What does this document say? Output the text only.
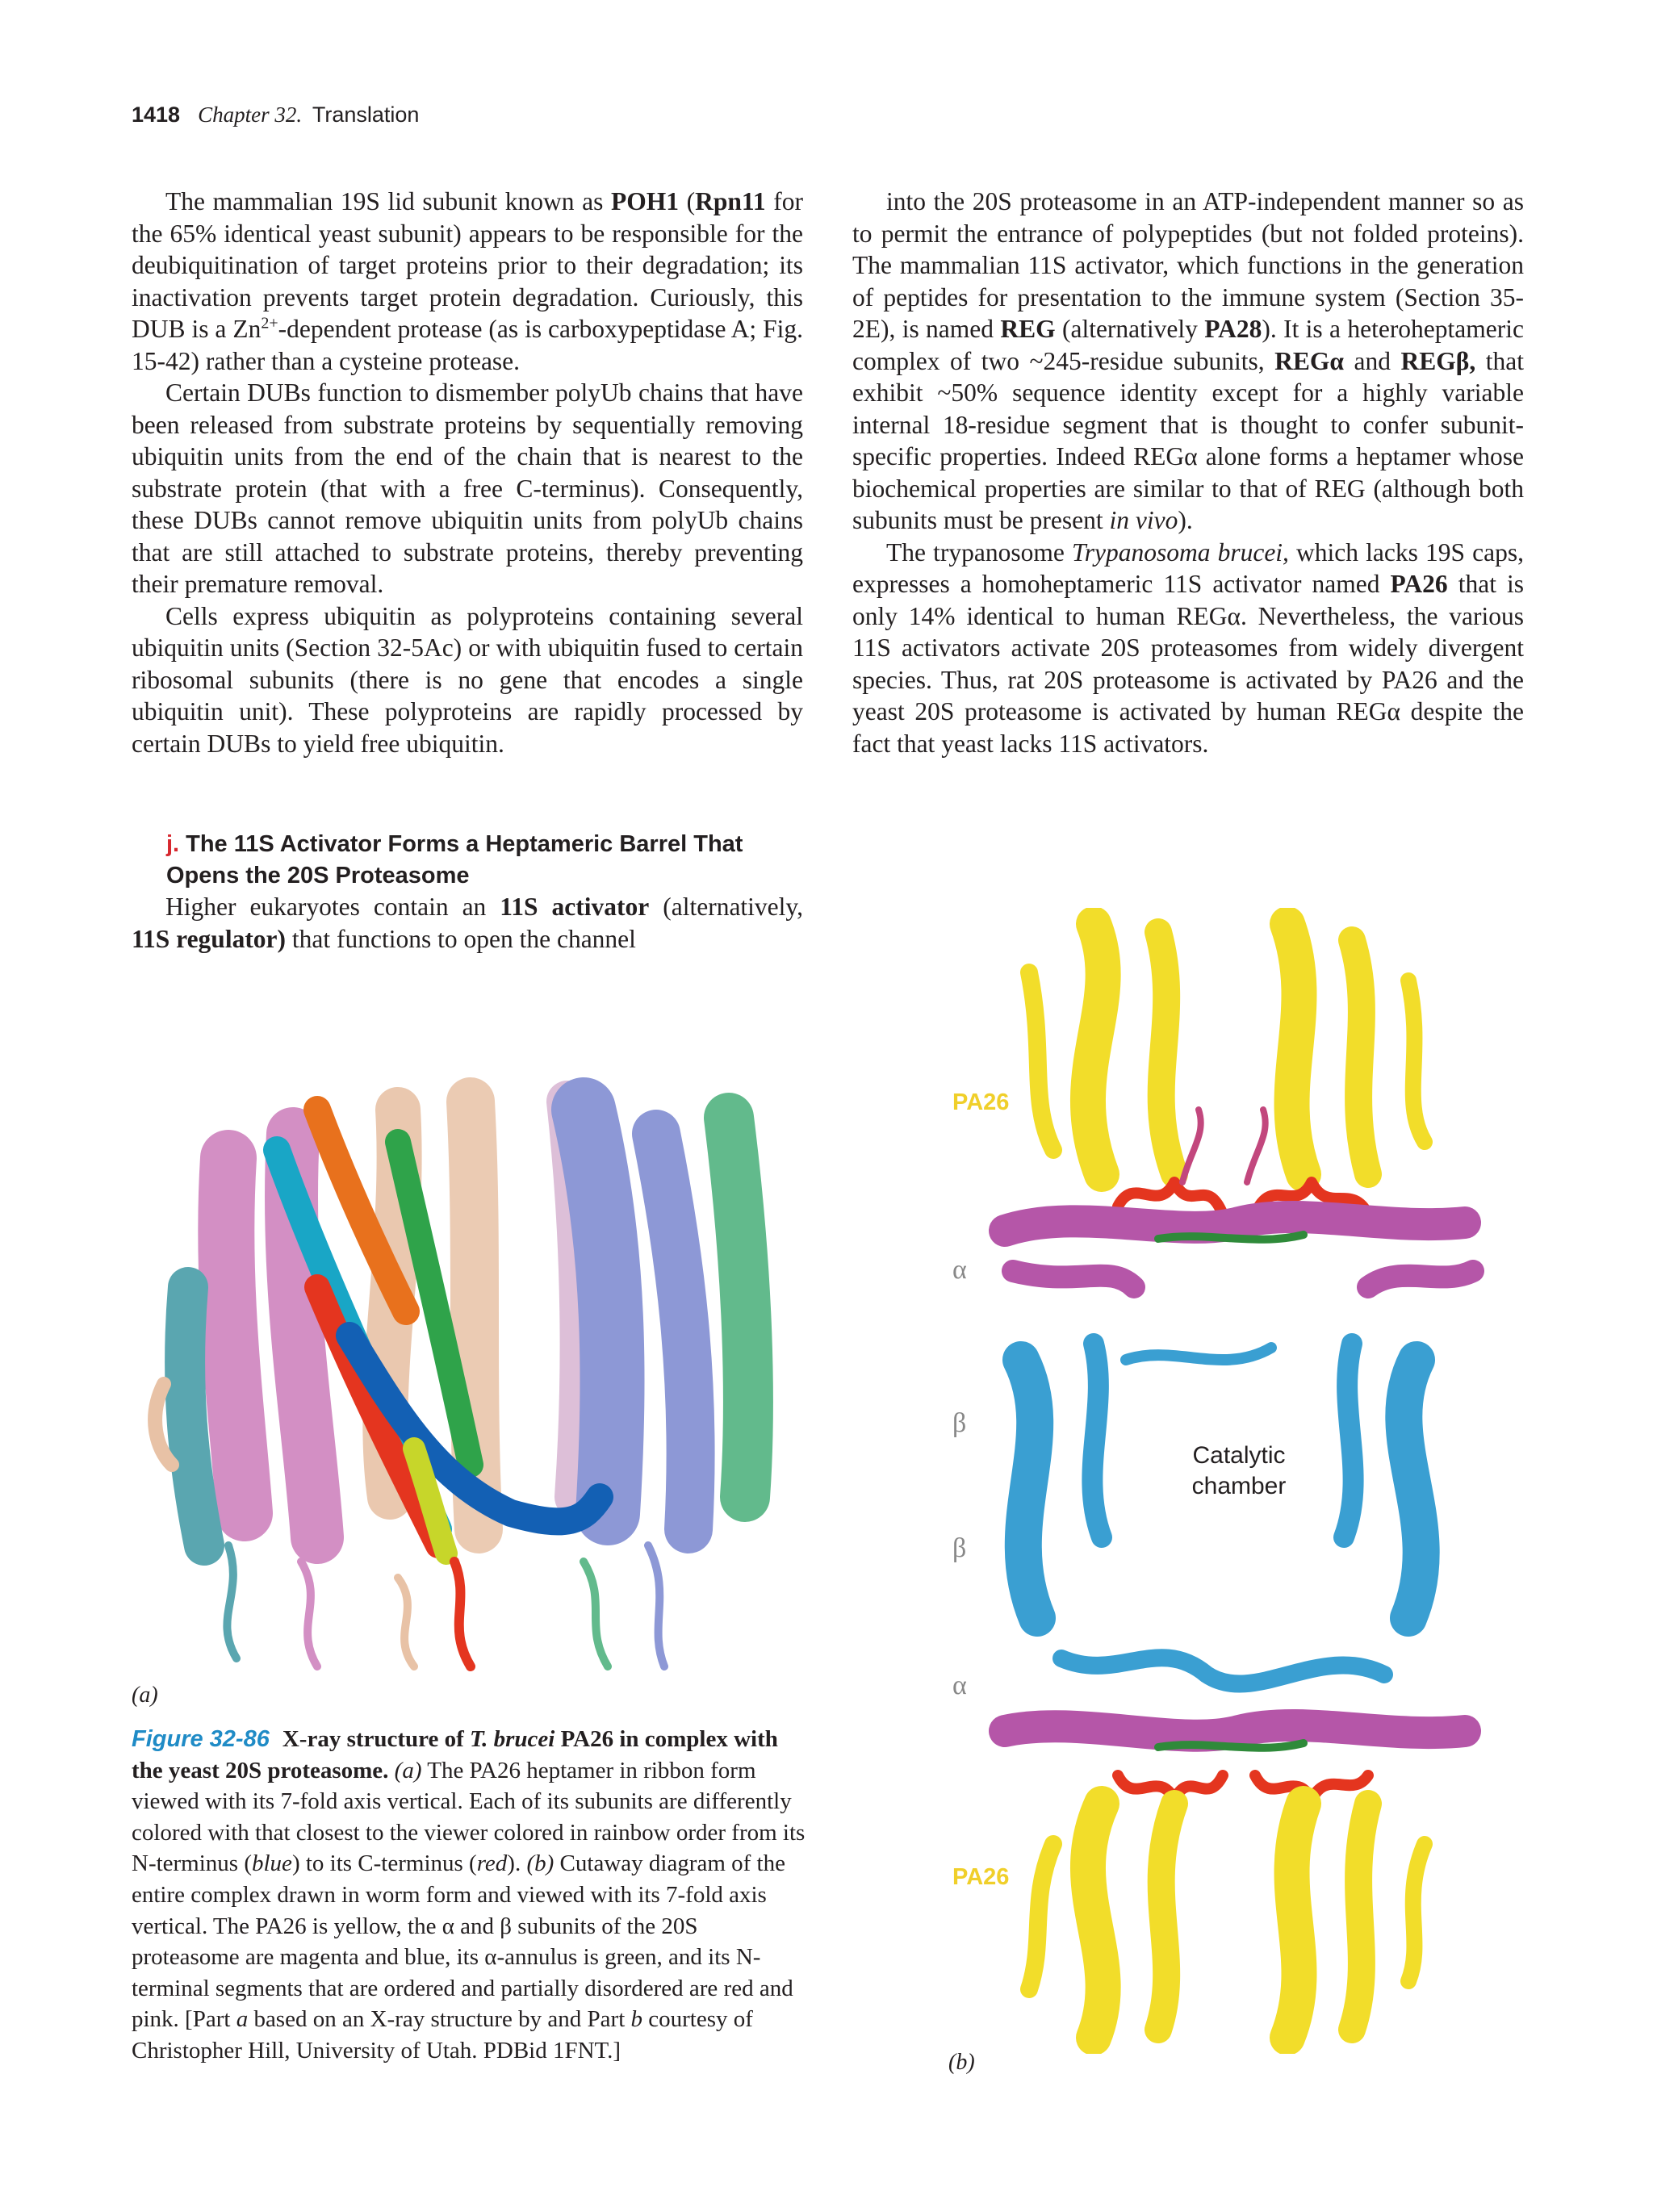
1418 Chapter 32. Translation

The mammalian 19S lid subunit known as POH1 (Rpn11 for the 65% identical yeast subunit) appears to be responsible for the deubiquitination of target proteins prior to their degradation; its inactivation prevents target protein degradation. Curiously, this DUB is a $Zn^{2+}$-dependent protease (as is carboxypeptidase A; Fig. 15-42) rather than a cysteine protease.

Certain DUBs function to dismember polyUb chains that have been released from substrate proteins by sequentially removing ubiquitin units from the end of the chain that is nearest to the substrate protein (that with a free C-terminus). Consequently, these DUBs cannot remove ubiquitin units from polyUb chains that are still attached to substrate proteins, thereby preventing their premature removal.

Cells express ubiquitin as polyproteins containing several ubiquitin units (Section 32-5Ac) or with ubiquitin fused to certain ribosomal subunits (there is no gene that encodes a single ubiquitin unit). These polyproteins are rapidly processed by certain DUBs to yield free ubiquitin.

j. The 11S Activator Forms a Heptameric Barrel That Opens the 20S Proteasome

Higher eukaryotes contain an 11S activator (alternatively, 11S regulator) that functions to open the channel

into the 20S proteasome in an ATP-independent manner so as to permit the entrance of polypeptides (but not folded proteins). The mammalian 11S activator, which functions in the generation of peptides for presentation to the immune system (Section 35-2E), is named REG (alternatively PA28). It is a heteroheptameric complex of two ~245-residue subunits, REGα and REGβ, that exhibit ~50% sequence identity except for a highly variable internal 18-residue segment that is thought to confer subunit-specific properties. Indeed REGα alone forms a heptamer whose biochemical properties are similar to that of REG (although both subunits must be present in vivo).

The trypanosome Trypanosoma brucei, which lacks 19S caps, expresses a homoheptameric 11S activator named PA26 that is only 14% identical to human REGα. Nevertheless, the various 11S activators activate 20S proteasomes from widely divergent species. Thus, rat 20S proteasome is activated by PA26 and the yeast 20S proteasome is activated by human REGα despite the fact that yeast lacks 11S activators.

(a)
PA26
α
β
Catalytic
chamber
β
α
PA26
(b)
Figure 32-86 X-ray structure of T. brucei PA26 in complex with the yeast 20S proteasome. (a) The PA26 heptamer in ribbon form viewed with its 7-fold axis vertical. Each of its subunits are differently colored with that closest to the viewer colored in rainbow order from its N-terminus (blue) to its C-terminus (red). (b) Cutaway diagram of the entire complex drawn in worm form and viewed with its 7-fold axis vertical. The PA26 is yellow, the α and β subunits of the 20S proteasome are magenta and blue, its α-annulus is green, and its N-terminal segments that are ordered and partially disordered are red and pink. [Part a based on an X-ray structure by and Part b courtesy of Christopher Hill, University of Utah. PDBid 1FNT.]
